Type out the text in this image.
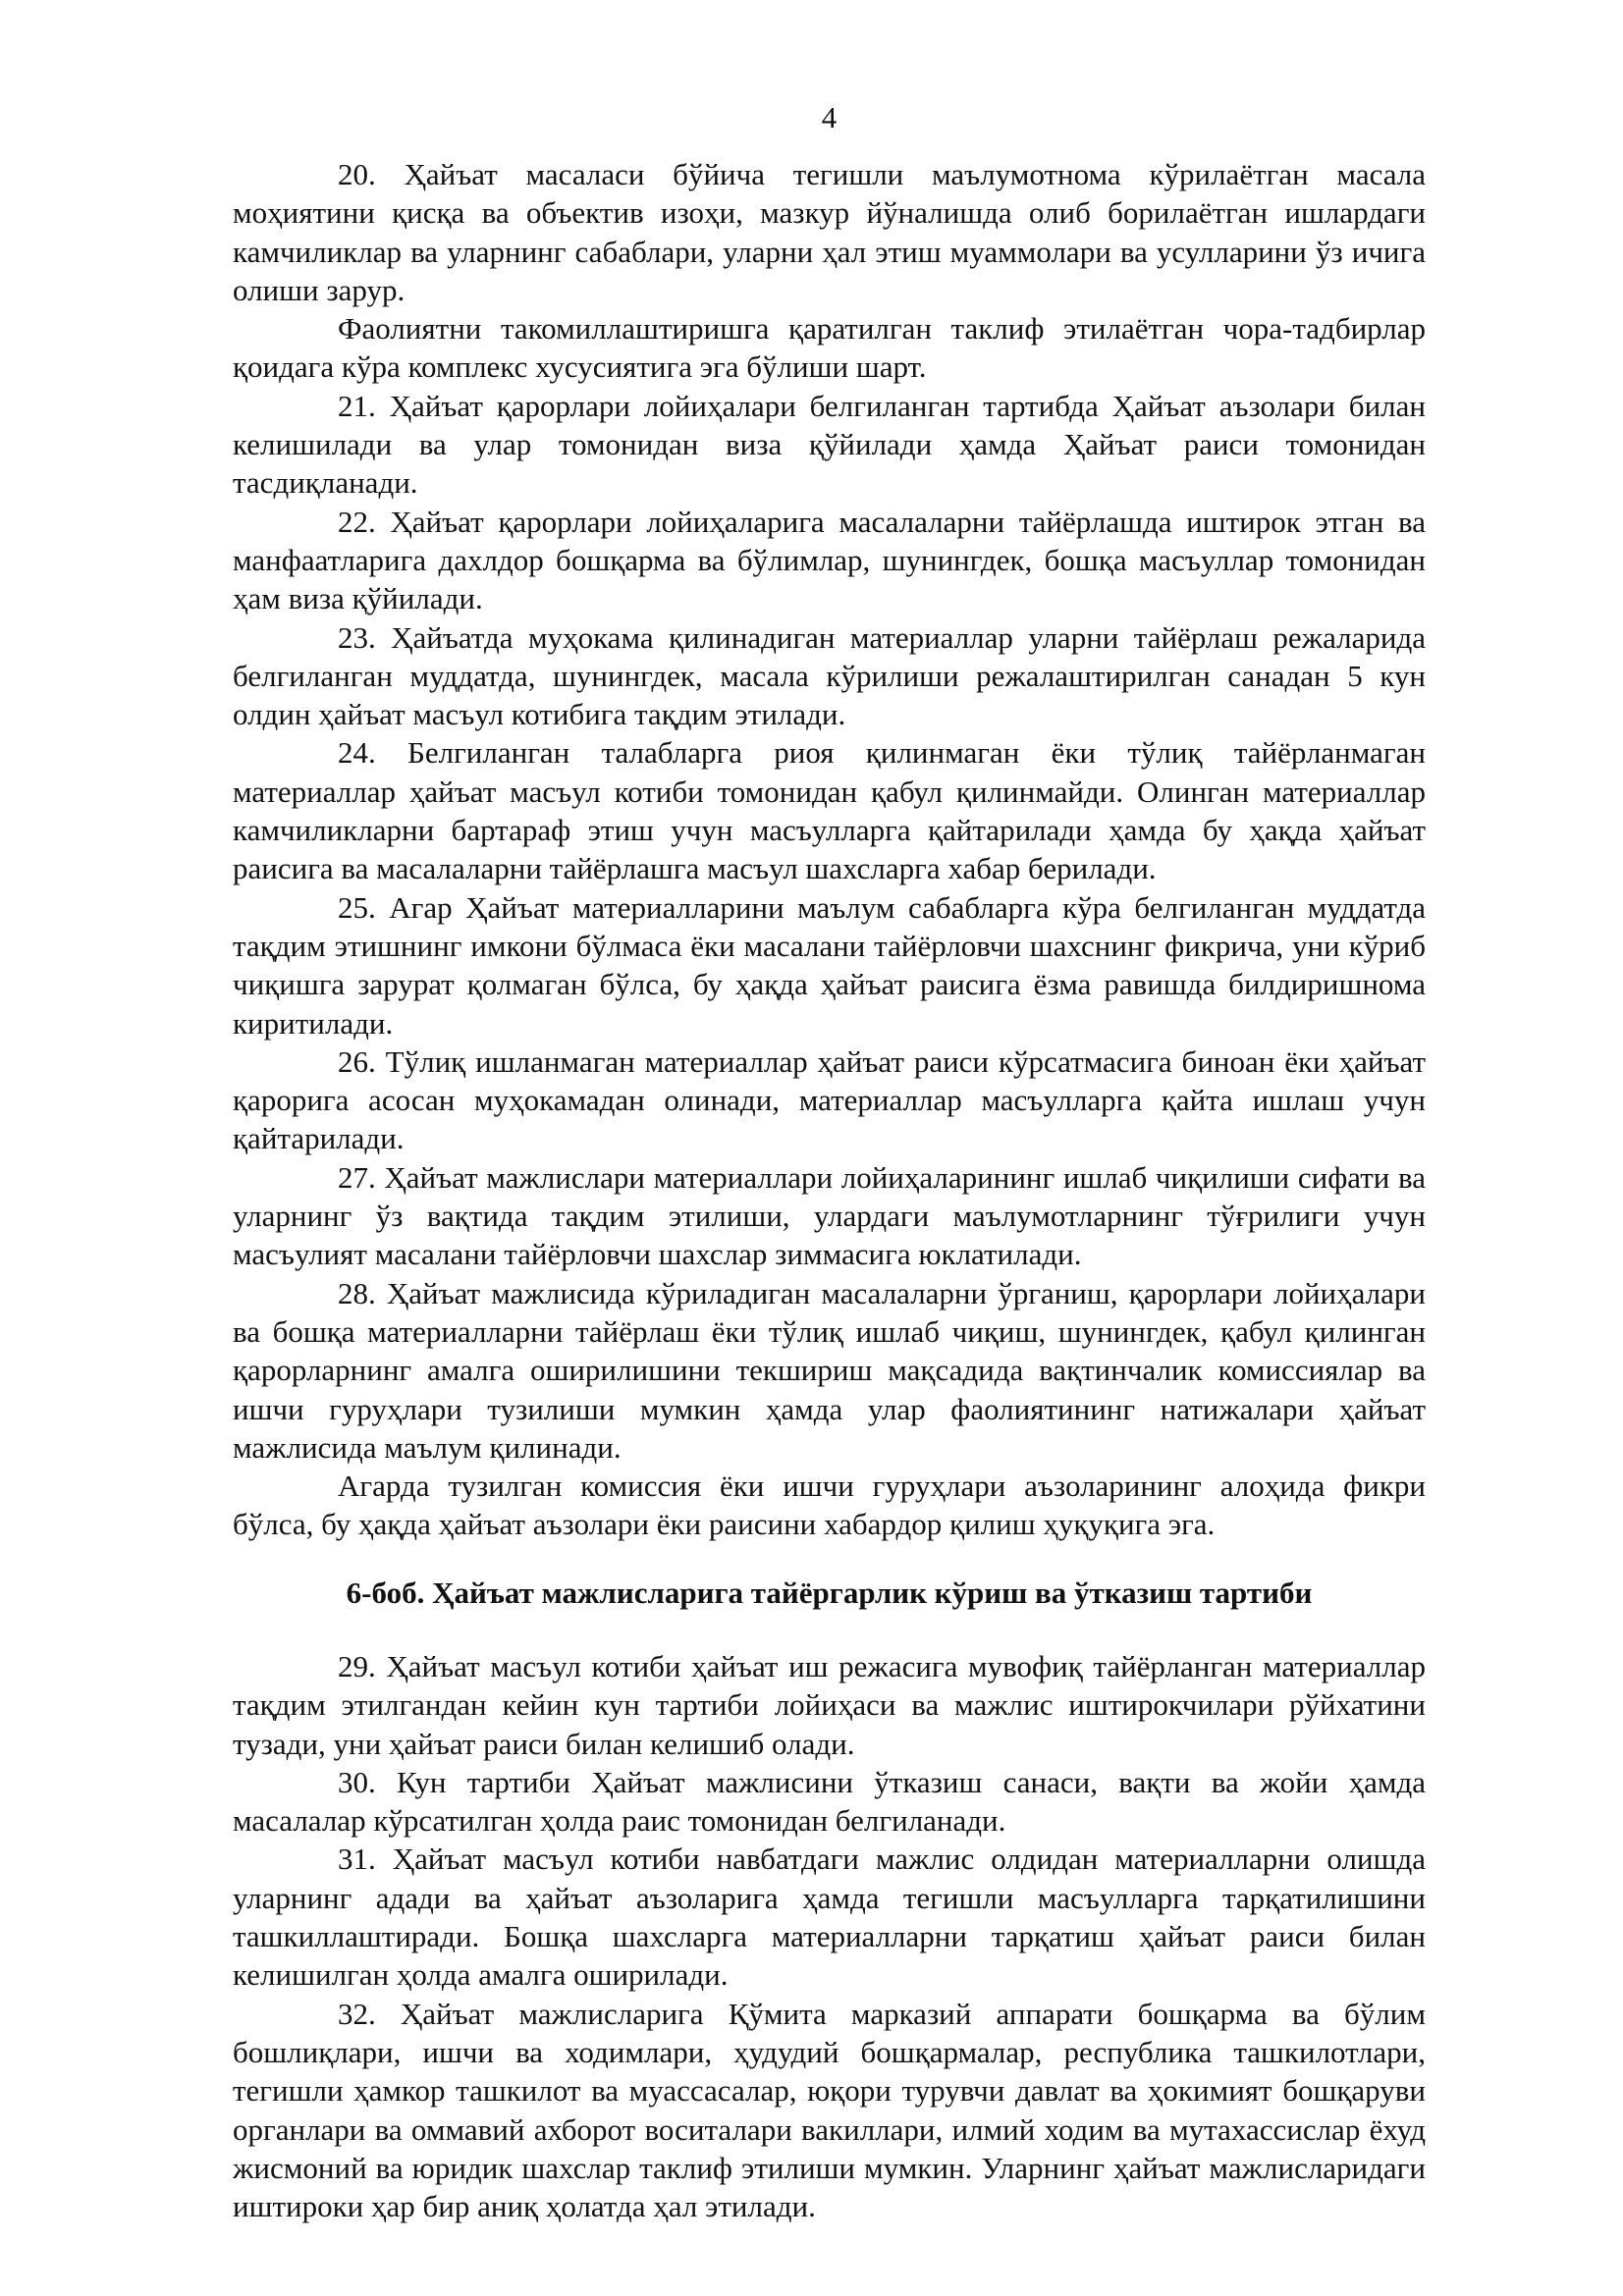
4

20. Ҳайъат масаласи бўйича тегишли маълумотнома кўрилаётган масала моҳиятини қисқа ва объектив изоҳи, мазкур йўналишда олиб борилаётган ишлардаги камчиликлар ва уларнинг сабаблари, уларни ҳал этиш муаммолари ва усулларини ўз ичига олиши зарур.

Фаолиятни такомиллаштиришга қаратилган таклиф этилаётган чора-тадбирлар қоидага кўра комплекс хусусиятига эга бўлиши шарт.

21. Ҳайъат қарорлари лойиҳалари белгиланган тартибда Ҳайъат аъзолари билан келишилади ва улар томонидан виза қўйилади ҳамда Ҳайъат раиси томонидан тасдиқланади.

22. Ҳайъат қарорлари лойиҳаларига масалаларни тайёрлашда иштирок этган ва манфаатларига дахлдор бошқарма ва бўлимлар, шунингдек, бошқа масъуллар томонидан ҳам виза қўйилади.

23. Ҳайъатда муҳокама қилинадиган материаллар уларни тайёрлаш режаларида белгиланган муддатда, шунингдек, масала кўрилиши режалаштирилган санадан 5 кун олдин ҳайъат масъул котибига тақдим этилади.

24. Белгиланган талабларга риоя қилинмаган ёки тўлиқ тайёрланмаган материаллар ҳайъат масъул котиби томонидан қабул қилинмайди. Олинган материаллар камчиликларни бартараф этиш учун масъулларга қайтарилади ҳамда бу ҳақда ҳайъат раисига ва масалаларни тайёрлашга масъул шахсларга хабар берилади.

25. Агар Ҳайъат материалларини маълум сабабларга кўра белгиланган муддатда тақдим этишнинг имкони бўлмаса ёки масалани тайёрловчи шахснинг фикрича, уни кўриб чиқишга зарурат қолмаган бўлса, бу ҳақда ҳайъат раисига ёзма равишда билдиришнома киритилади.

26. Тўлиқ ишланмаган материаллар ҳайъат раиси кўрсатмасига биноан ёки ҳайъат қарорига асосан муҳокамадан олинади, материаллар масъулларга қайта ишлаш учун қайтарилади.

27. Ҳайъат мажлислари материаллари лойиҳаларининг ишлаб чиқилиши сифати ва уларнинг ўз вақтида тақдим этилиши, улардаги маълумотларнинг тўғрилиги учун масъулият масалани тайёрловчи шахслар зиммасига юклатилади.

28. Ҳайъат мажлисида кўриладиган масалаларни ўрганиш, қарорлари лойиҳалари ва бошқа материалларни тайёрлаш ёки тўлиқ ишлаб чиқиш, шунингдек, қабул қилинган қарорларнинг амалга оширилишини текшириш мақсадида вақтинчалик комиссиялар ва ишчи гуруҳлари тузилиши мумкин ҳамда улар фаолиятининг натижалари ҳайъат мажлисида маълум қилинади.

Агарда тузилган комиссия ёки ишчи гуруҳлари аъзоларининг алоҳида фикри бўлса, бу ҳақда ҳайъат аъзолари ёки раисини хабардор қилиш ҳуқуқига эга.

6-боб. Ҳайъат мажлисларига тайёргарлик кўриш ва ўтказиш тартиби

29. Ҳайъат масъул котиби ҳайъат иш режасига мувофиқ тайёрланган материаллар тақдим этилгандан кейин кун тартиби лойиҳаси ва мажлис иштирокчилари рўйхатини тузади, уни ҳайъат раиси билан келишиб олади.

30. Кун тартиби Ҳайъат мажлисини ўтказиш санаси, вақти ва жойи ҳамда масалалар кўрсатилган ҳолда раис томонидан белгиланади.

31. Ҳайъат масъул котиби навбатдаги мажлис олдидан материалларни олишда уларнинг адади ва ҳайъат аъзоларига ҳамда тегишли масъулларга тарқатилишини ташкиллаштиради. Бошқа шахсларга материалларни тарқатиш ҳайъат раиси билан келишилган ҳолда амалга оширилади.

32. Ҳайъат мажлисларига Қўмита марказий аппарати бошқарма ва бўлим бошлиқлари, ишчи ва ходимлари, ҳудудий бошқармалар, республика ташкилотлари, тегишли ҳамкор ташкилот ва муассасалар, юқори турувчи давлат ва ҳокимият бошқаруви органлари ва оммавий ахборот воситалари вакиллари, илмий ходим ва мутахассислар ёхуд жисмоний ва юридик шахслар таклиф этилиши мумкин. Уларнинг ҳайъат мажлисларидаги иштироки ҳар бир аниқ ҳолатда ҳал этилади.
